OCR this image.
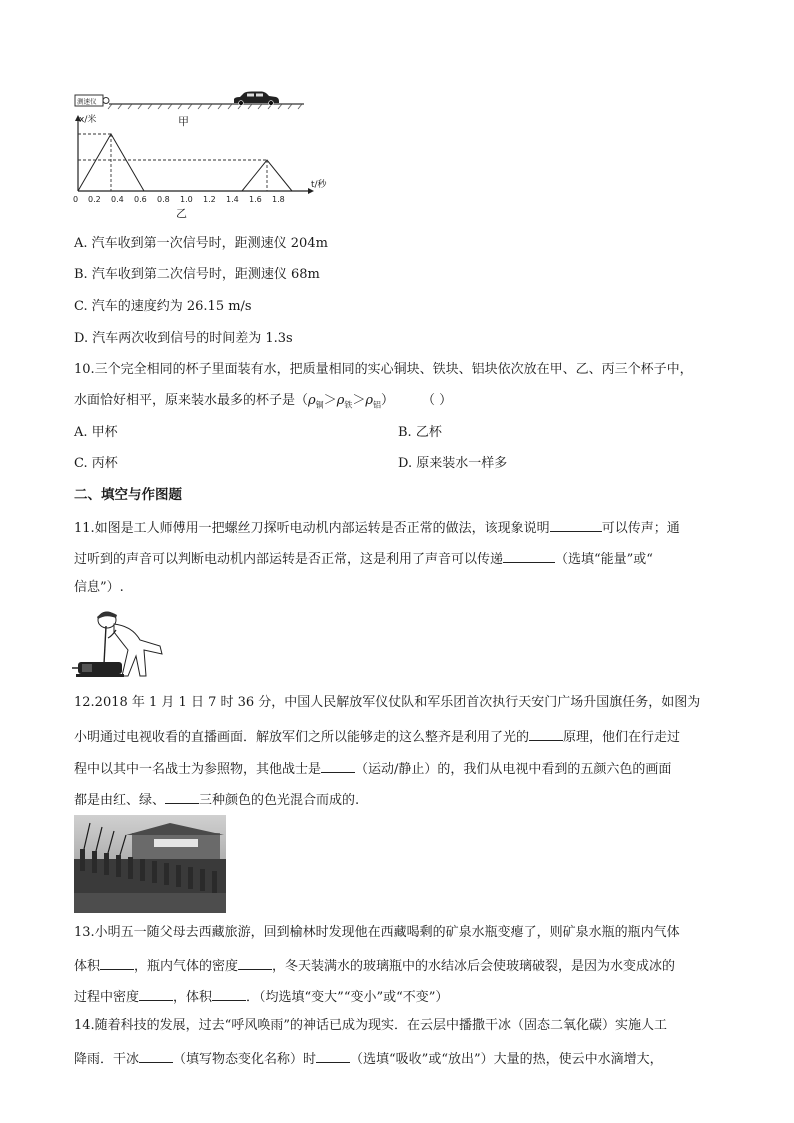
测速仪
甲
x/米
t/秒
0 0.2 0.4 0.6 0.8 1.0 1.2 1.4 1.6 1.8
乙
A. 汽车收到第一次信号时，距测速仪 204m
B. 汽车收到第二次信号时，距测速仪 68m
C. 汽车的速度约为 26.15 m/s
D. 汽车两次收到信号的时间差为 1.3s
10.三个完全相同的杯子里面装有水，把质量相同的实心铜块、铁块、铝块依次放在甲、乙、丙三个杯子中，
水面恰好相平，原来装水最多的杯子是$(\rho_铜>\rho_铁>\rho_铝)$ （ ）
A. 甲杯	B. 乙杯
C. 丙杯	D. 原来装水一样多
二、填空与作图题
11.如图是工人师傅用一把螺丝刀探听电动机内部运转是否正常的做法，该现象说明	可以传声；通
过听到的声音可以判断电动机内部运转是否正常，这是利用了声音可以传递	（选填“能量”或“
信息”）.
12.2018 年 1 月 1 日 7 时 36 分，中国人民解放军仪仗队和军乐团首次执行天安门广场升国旗任务，如图为
小明通过电视收看的直播画面．解放军们之所以能够走的这么整齐是利用了光的	原理，他们在行走过
程中以其中一名战士为参照物，其他战士是	（运动/静止）的，我们从电视中看到的五颜六色的画面
都是由红、绿、	三种颜色的色光混合而成的.
13.小明五一随父母去西藏旅游，回到榆林时发现他在西藏喝剩的矿泉水瓶变瘪了，则矿泉水瓶的瓶内气体
体积	，瓶内气体的密度	，冬天装满水的玻璃瓶中的水结冰后会使玻璃破裂，是因为水变成冰的
过程中密度	，体积	．（均选填“变大”“变小”或“不变”）
14.随着科技的发展，过去“呼风唤雨”的神话已成为现实．在云层中播撒干冰（固态二氧化碳）实施人工
降雨．干冰	（填写物态变化名称）时	（选填“吸收”或“放出”）大量的热，使云中水滴增大，
